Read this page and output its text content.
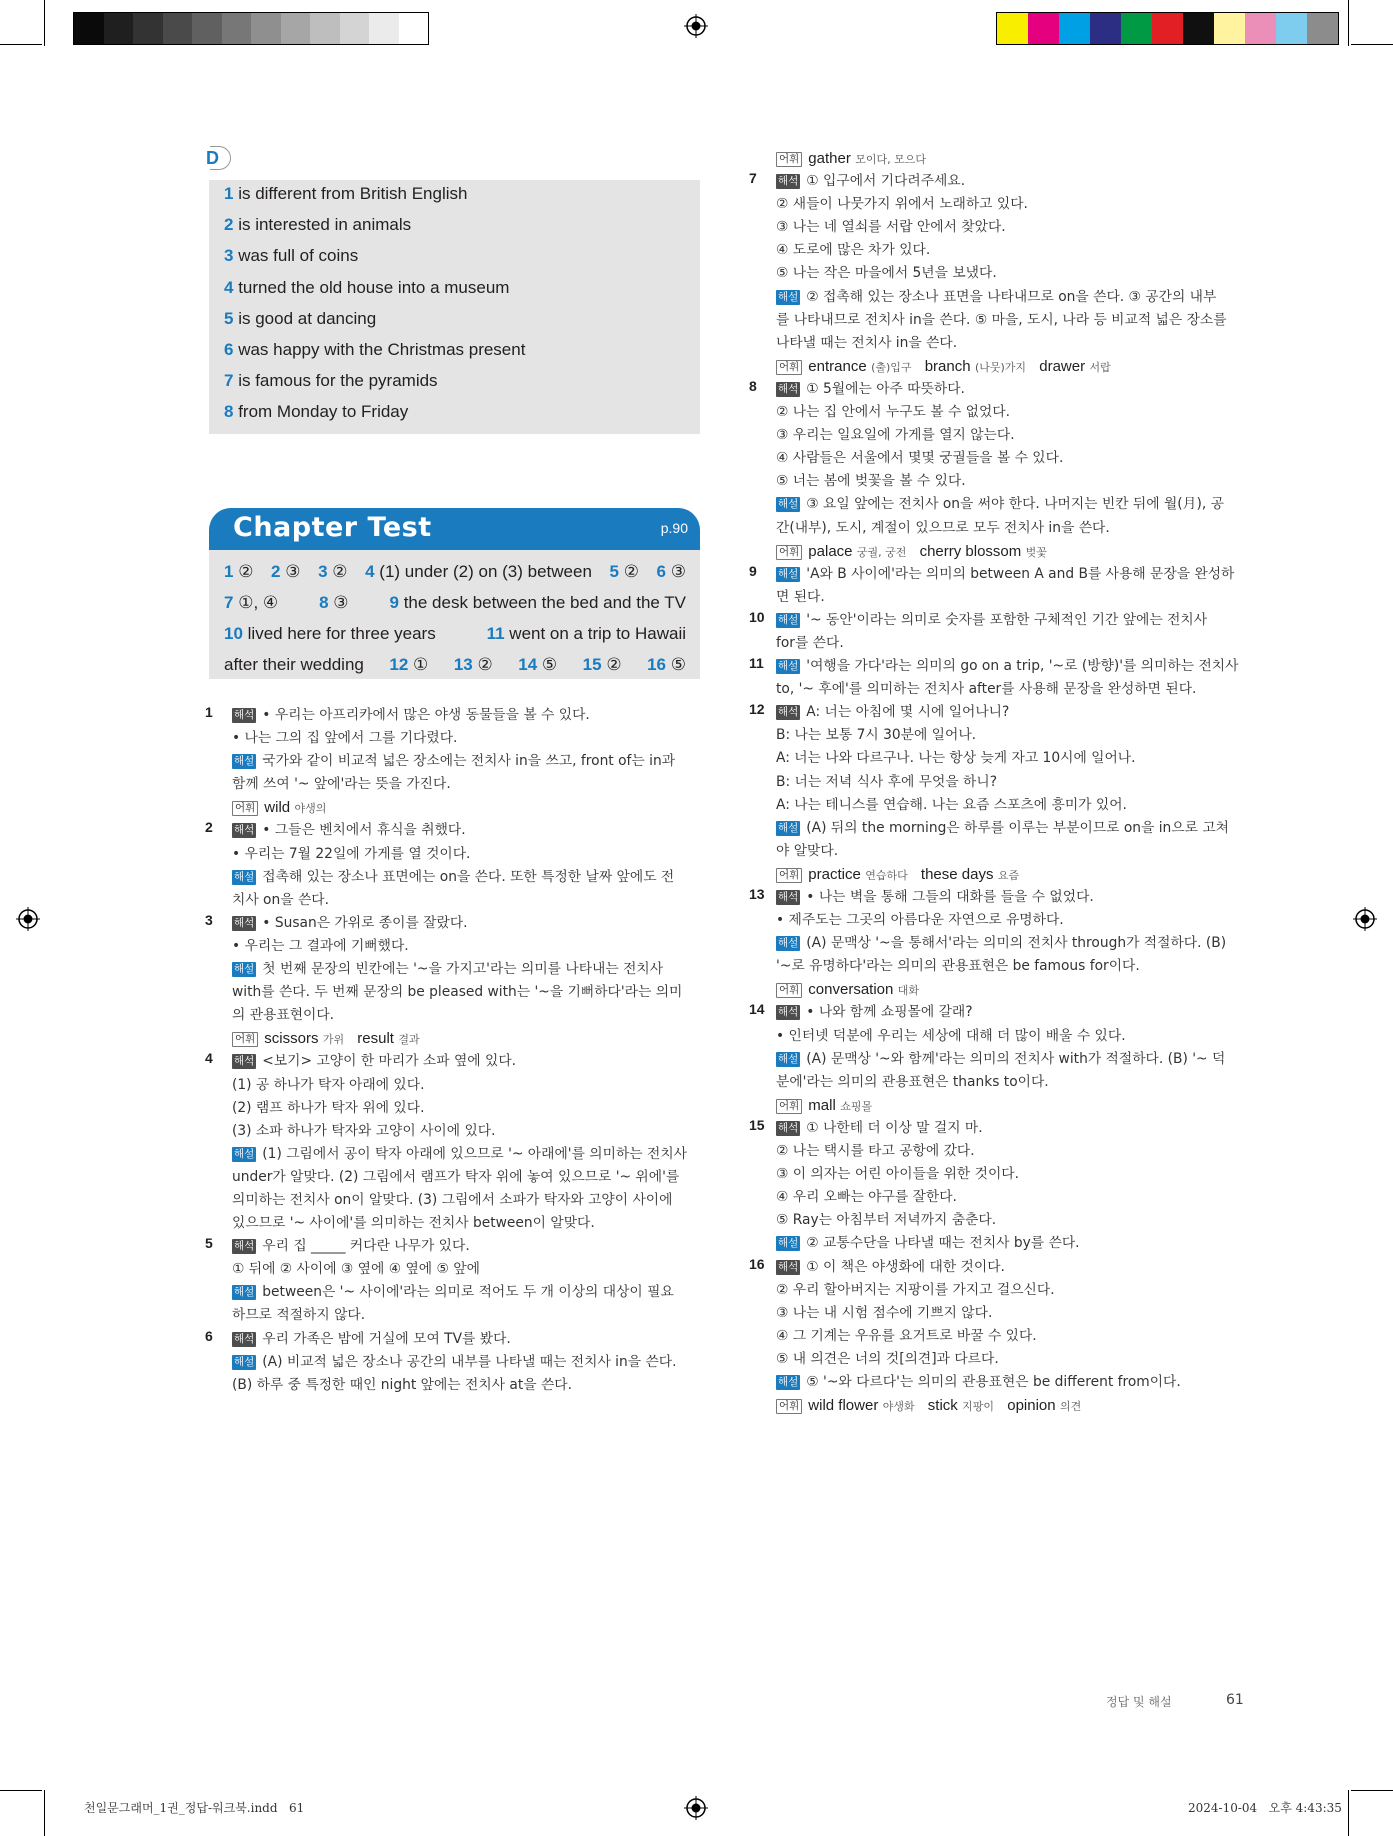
D
1 is different from British English
2 is interested in animals
3 was full of coins
4 turned the old house into a museum
5 is good at dancing
6 was happy with the Christmas present
7 is famous for the pyramids
8 from Monday to Friday
Chapter Test	p.90
1 ② 2 ③ 3 ② 4 (1) under (2) on (3) between 5 ② 6 ③
7 ①, ④ 8 ③ 9 the desk between the bed and the TV
10 lived here for three years	11 went on a trip to Hawaii
after their wedding 12 ① 13 ② 14 ⑤ 15 ② 16 ⑤
1 해석 • 우리는 아프리카에서 많은 야생 동물들을 볼 수 있다.
• 나는 그의 집 앞에서 그를 기다렸다.
해설 국가와 같이 비교적 넓은 장소에는 전치사 in을 쓰고, front of는 in과
함께 쓰여 '~ 앞에'라는 뜻을 가진다.
어휘 wild 야생의
2 해석 • 그들은 벤치에서 휴식을 취했다.
• 우리는 7월 22일에 가게를 열 것이다.
해설 접촉해 있는 장소나 표면에는 on을 쓴다. 또한 특정한 날짜 앞에도 전
치사 on을 쓴다.
3 해석 • Susan은 가위로 종이를 잘랐다.
• 우리는 그 결과에 기뻐했다.
해설 첫 번째 문장의 빈칸에는 '~을 가지고'라는 의미를 나타내는 전치사
with를 쓴다. 두 번째 문장의 be pleased with는 '~을 기뻐하다'라는 의미
의 관용표현이다.
어휘 scissors 가위 result 결과
4 해석 <보기> 고양이 한 마리가 소파 옆에 있다.
(1) 공 하나가 탁자 아래에 있다.
(2) 램프 하나가 탁자 위에 있다.
(3) 소파 하나가 탁자와 고양이 사이에 있다.
해설 (1) 그림에서 공이 탁자 아래에 있으므로 '~ 아래에'를 의미하는 전치사
under가 알맞다. (2) 그림에서 램프가 탁자 위에 놓여 있으므로 '~ 위에'를
의미하는 전치사 on이 알맞다. (3) 그림에서 소파가 탁자와 고양이 사이에
있으므로 '~ 사이에'를 의미하는 전치사 between이 알맞다.
5 해석 우리 집 _____ 커다란 나무가 있다.
① 뒤에 ② 사이에 ③ 옆에 ④ 옆에 ⑤ 앞에
해설 between은 '~ 사이에'라는 의미로 적어도 두 개 이상의 대상이 필요
하므로 적절하지 않다.
6 해석 우리 가족은 밤에 거실에 모여 TV를 봤다.
해설 (A) 비교적 넓은 장소나 공간의 내부를 나타낼 때는 전치사 in을 쓴다.
(B) 하루 중 특정한 때인 night 앞에는 전치사 at을 쓴다.
어휘 gather 모이다, 모으다
7 해석 ① 입구에서 기다려주세요.
② 새들이 나뭇가지 위에서 노래하고 있다.
③ 나는 네 열쇠를 서랍 안에서 찾았다.
④ 도로에 많은 차가 있다.
⑤ 나는 작은 마을에서 5년을 보냈다.
해설 ② 접촉해 있는 장소나 표면을 나타내므로 on을 쓴다. ③ 공간의 내부
를 나타내므로 전치사 in을 쓴다. ⑤ 마을, 도시, 나라 등 비교적 넓은 장소를
나타낼 때는 전치사 in을 쓴다.
어휘 entrance (출)입구 branch (나뭇)가지 drawer 서랍
8 해석 ① 5월에는 아주 따뜻하다.
② 나는 집 안에서 누구도 볼 수 없었다.
③ 우리는 일요일에 가게를 열지 않는다.
④ 사람들은 서울에서 몇몇 궁궐들을 볼 수 있다.
⑤ 너는 봄에 벚꽃을 볼 수 있다.
해설 ③ 요일 앞에는 전치사 on을 써야 한다. 나머지는 빈칸 뒤에 월(月), 공
간(내부), 도시, 계절이 있으므로 모두 전치사 in을 쓴다.
어휘 palace 궁궐, 궁전 cherry blossom 벚꽃
9 해설 'A와 B 사이에'라는 의미의 between A and B를 사용해 문장을 완성하
면 된다.
10 해설 '~ 동안'이라는 의미로 숫자를 포함한 구체적인 기간 앞에는 전치사
for를 쓴다.
11 해설 '여행을 가다'라는 의미의 go on a trip, '~로 (방향)'를 의미하는 전치사
to, '~ 후에'를 의미하는 전치사 after를 사용해 문장을 완성하면 된다.
12 해석 A: 너는 아침에 몇 시에 일어나니?
B: 나는 보통 7시 30분에 일어나.
A: 너는 나와 다르구나. 나는 항상 늦게 자고 10시에 일어나.
B: 너는 저녁 식사 후에 무엇을 하니?
A: 나는 테니스를 연습해. 나는 요즘 스포츠에 흥미가 있어.
해설 (A) 뒤의 the morning은 하루를 이루는 부분이므로 on을 in으로 고쳐
야 알맞다.
어휘 practice 연습하다 these days 요즘
13 해석 • 나는 벽을 통해 그들의 대화를 들을 수 없었다.
• 제주도는 그곳의 아름다운 자연으로 유명하다.
해설 (A) 문맥상 '~을 통해서'라는 의미의 전치사 through가 적절하다. (B)
'~로 유명하다'라는 의미의 관용표현은 be famous for이다.
어휘 conversation 대화
14 해석 • 나와 함께 쇼핑몰에 갈래?
• 인터넷 덕분에 우리는 세상에 대해 더 많이 배울 수 있다.
해설 (A) 문맥상 '~와 함께'라는 의미의 전치사 with가 적절하다. (B) '~ 덕
분에'라는 의미의 관용표현은 thanks to이다.
어휘 mall 쇼핑몰
15 해석 ① 나한테 더 이상 말 걸지 마.
② 나는 택시를 타고 공항에 갔다.
③ 이 의자는 어린 아이들을 위한 것이다.
④ 우리 오빠는 야구를 잘한다.
⑤ Ray는 아침부터 저녁까지 춤춘다.
해설 ② 교통수단을 나타낼 때는 전치사 by를 쓴다.
16 해석 ① 이 책은 야생화에 대한 것이다.
② 우리 할아버지는 지팡이를 가지고 걸으신다.
③ 나는 내 시험 점수에 기쁘지 않다.
④ 그 기계는 우유를 요거트로 바꿀 수 있다.
⑤ 내 의견은 너의 것[의견]과 다르다.
해설 ⑤ '~와 다르다'는 의미의 관용표현은 be different from이다.
어휘 wild flower 야생화 stick 지팡이 opinion 의견
정답 및 해설	61
천일문그래머_1권_정답-워크북.indd   61	2024-10-04   오후 4:43:35
